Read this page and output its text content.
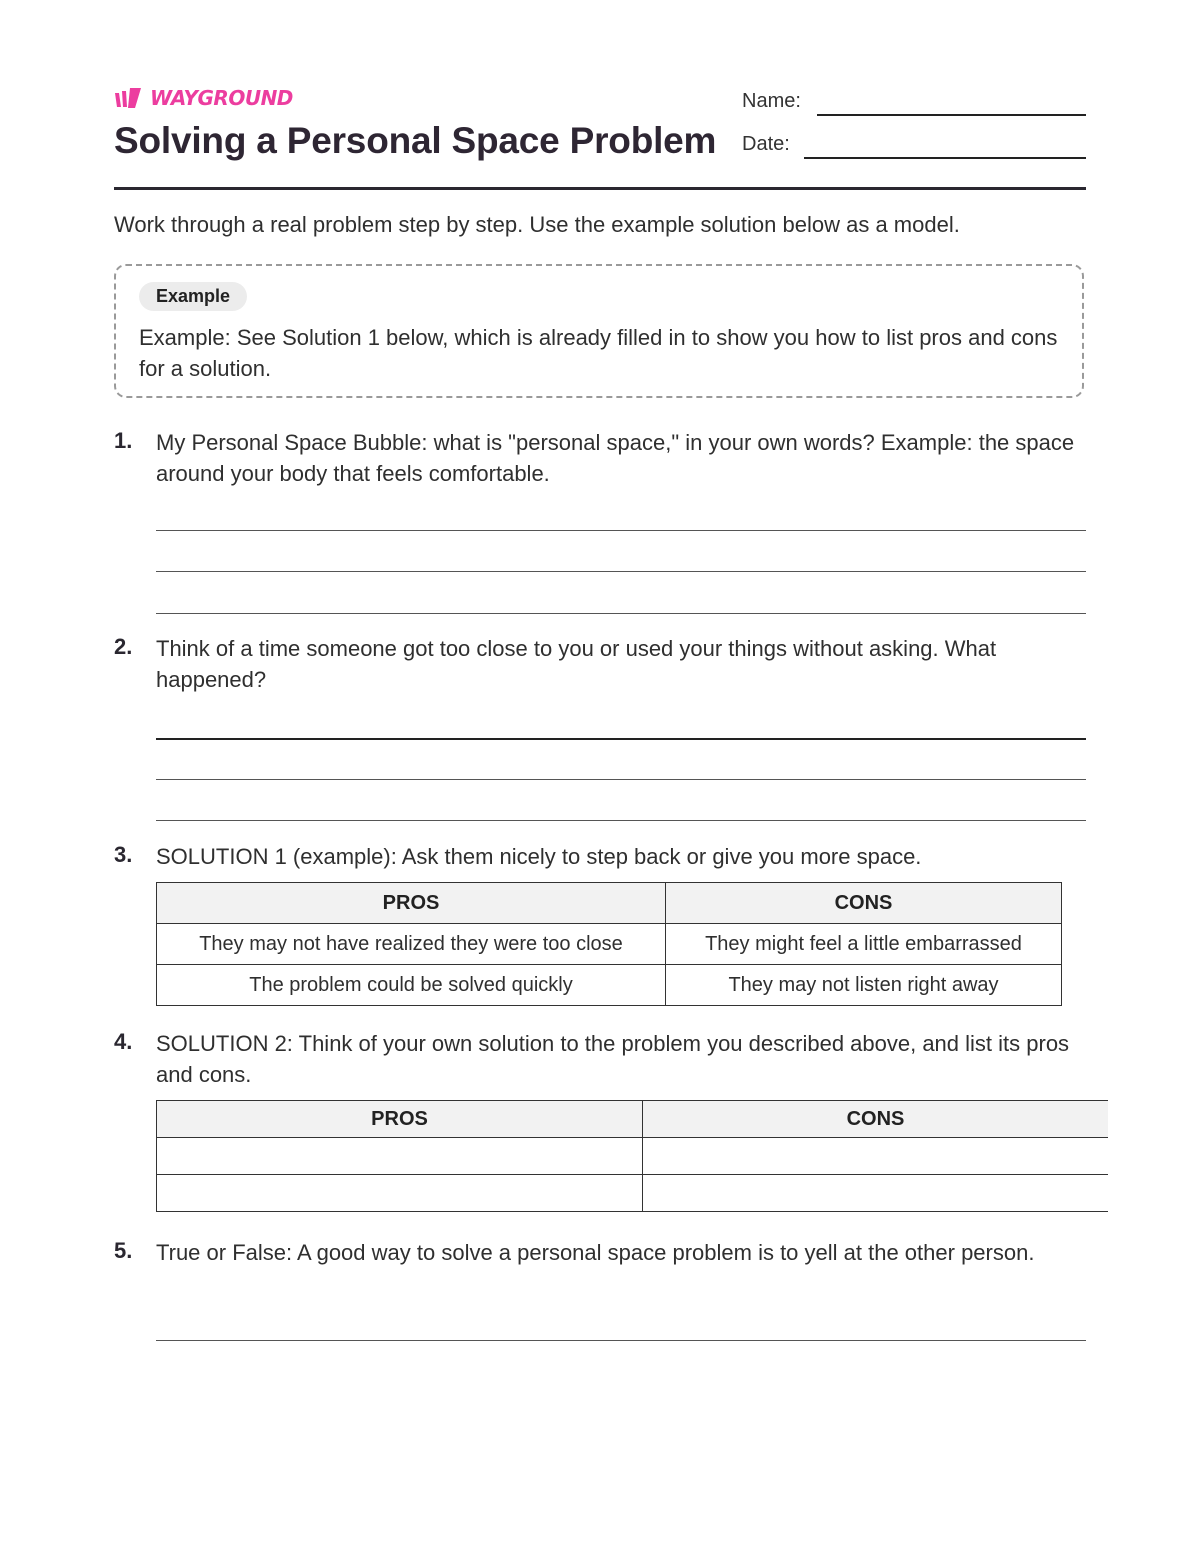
WAYGROUND
Solving a Personal Space Problem
Name:
Date:
Work through a real problem step by step. Use the example solution below as a model.
Example
Example: See Solution 1 below, which is already filled in to show you how to list pros and cons for a solution.
1. My Personal Space Bubble: what is "personal space," in your own words? Example: the space around your body that feels comfortable.
2. Think of a time someone got too close to you or used your things without asking. What happened?
3. SOLUTION 1 (example): Ask them nicely to step back or give you more space.
PROS	CONS
They may not have realized they were too close	They might feel a little embarrassed
The problem could be solved quickly	They may not listen right away
4. SOLUTION 2: Think of your own solution to the problem you described above, and list its pros and cons.
PROS	CONS

5. True or False: A good way to solve a personal space problem is to yell at the other person.
